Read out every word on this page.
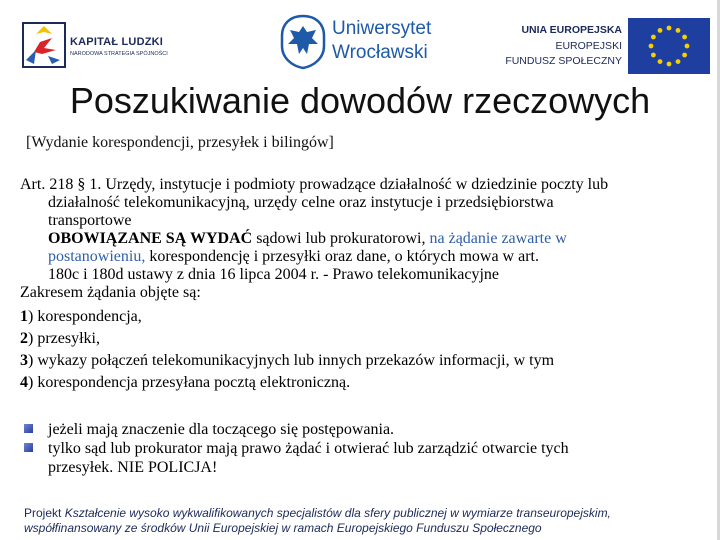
KAPITAŁ LUDZKI
NARODOWA STRATEGIA SPÓJNOŚCI
Uniwersytet
Wrocławski
UNIA EUROPEJSKA
EUROPEJSKI
FUNDUSZ SPOŁECZNY
Poszukiwanie dowodów rzeczowych
[Wydanie korespondencji, przesyłek i bilingów]
Art. 218 § 1. Urzędy, instytucje i podmioty prowadzące działalność w dziedzinie poczty lub
działalność telekomunikacyjną, urzędy celne oraz instytucje i przedsiębiorstwa
transportowe
OBOWIĄZANE SĄ WYDAĆ sądowi lub prokuratorowi, na żądanie zawarte w
postanowieniu, korespondencję i przesyłki oraz dane, o których mowa w art.
180c i 180d ustawy z dnia 16 lipca 2004 r. - Prawo telekomunikacyjne
Zakresem żądania objęte są:
1) korespondencja,
2) przesyłki,
3) wykazy połączeń telekomunikacyjnych lub innych przekazów informacji, w tym
4) korespondencja przesyłana pocztą elektroniczną.
jeżeli mają znaczenie dla toczącego się postępowania.
tylko sąd lub prokurator mają prawo żądać i otwierać lub zarządzić otwarcie tych
przesyłek. NIE POLICJA!
Projekt Kształcenie wysoko wykwalifikowanych specjalistów dla sfery publicznej w wymiarze transeuropejskim,
współfinansowany ze środków Unii Europejskiej w ramach Europejskiego Funduszu Społecznego
